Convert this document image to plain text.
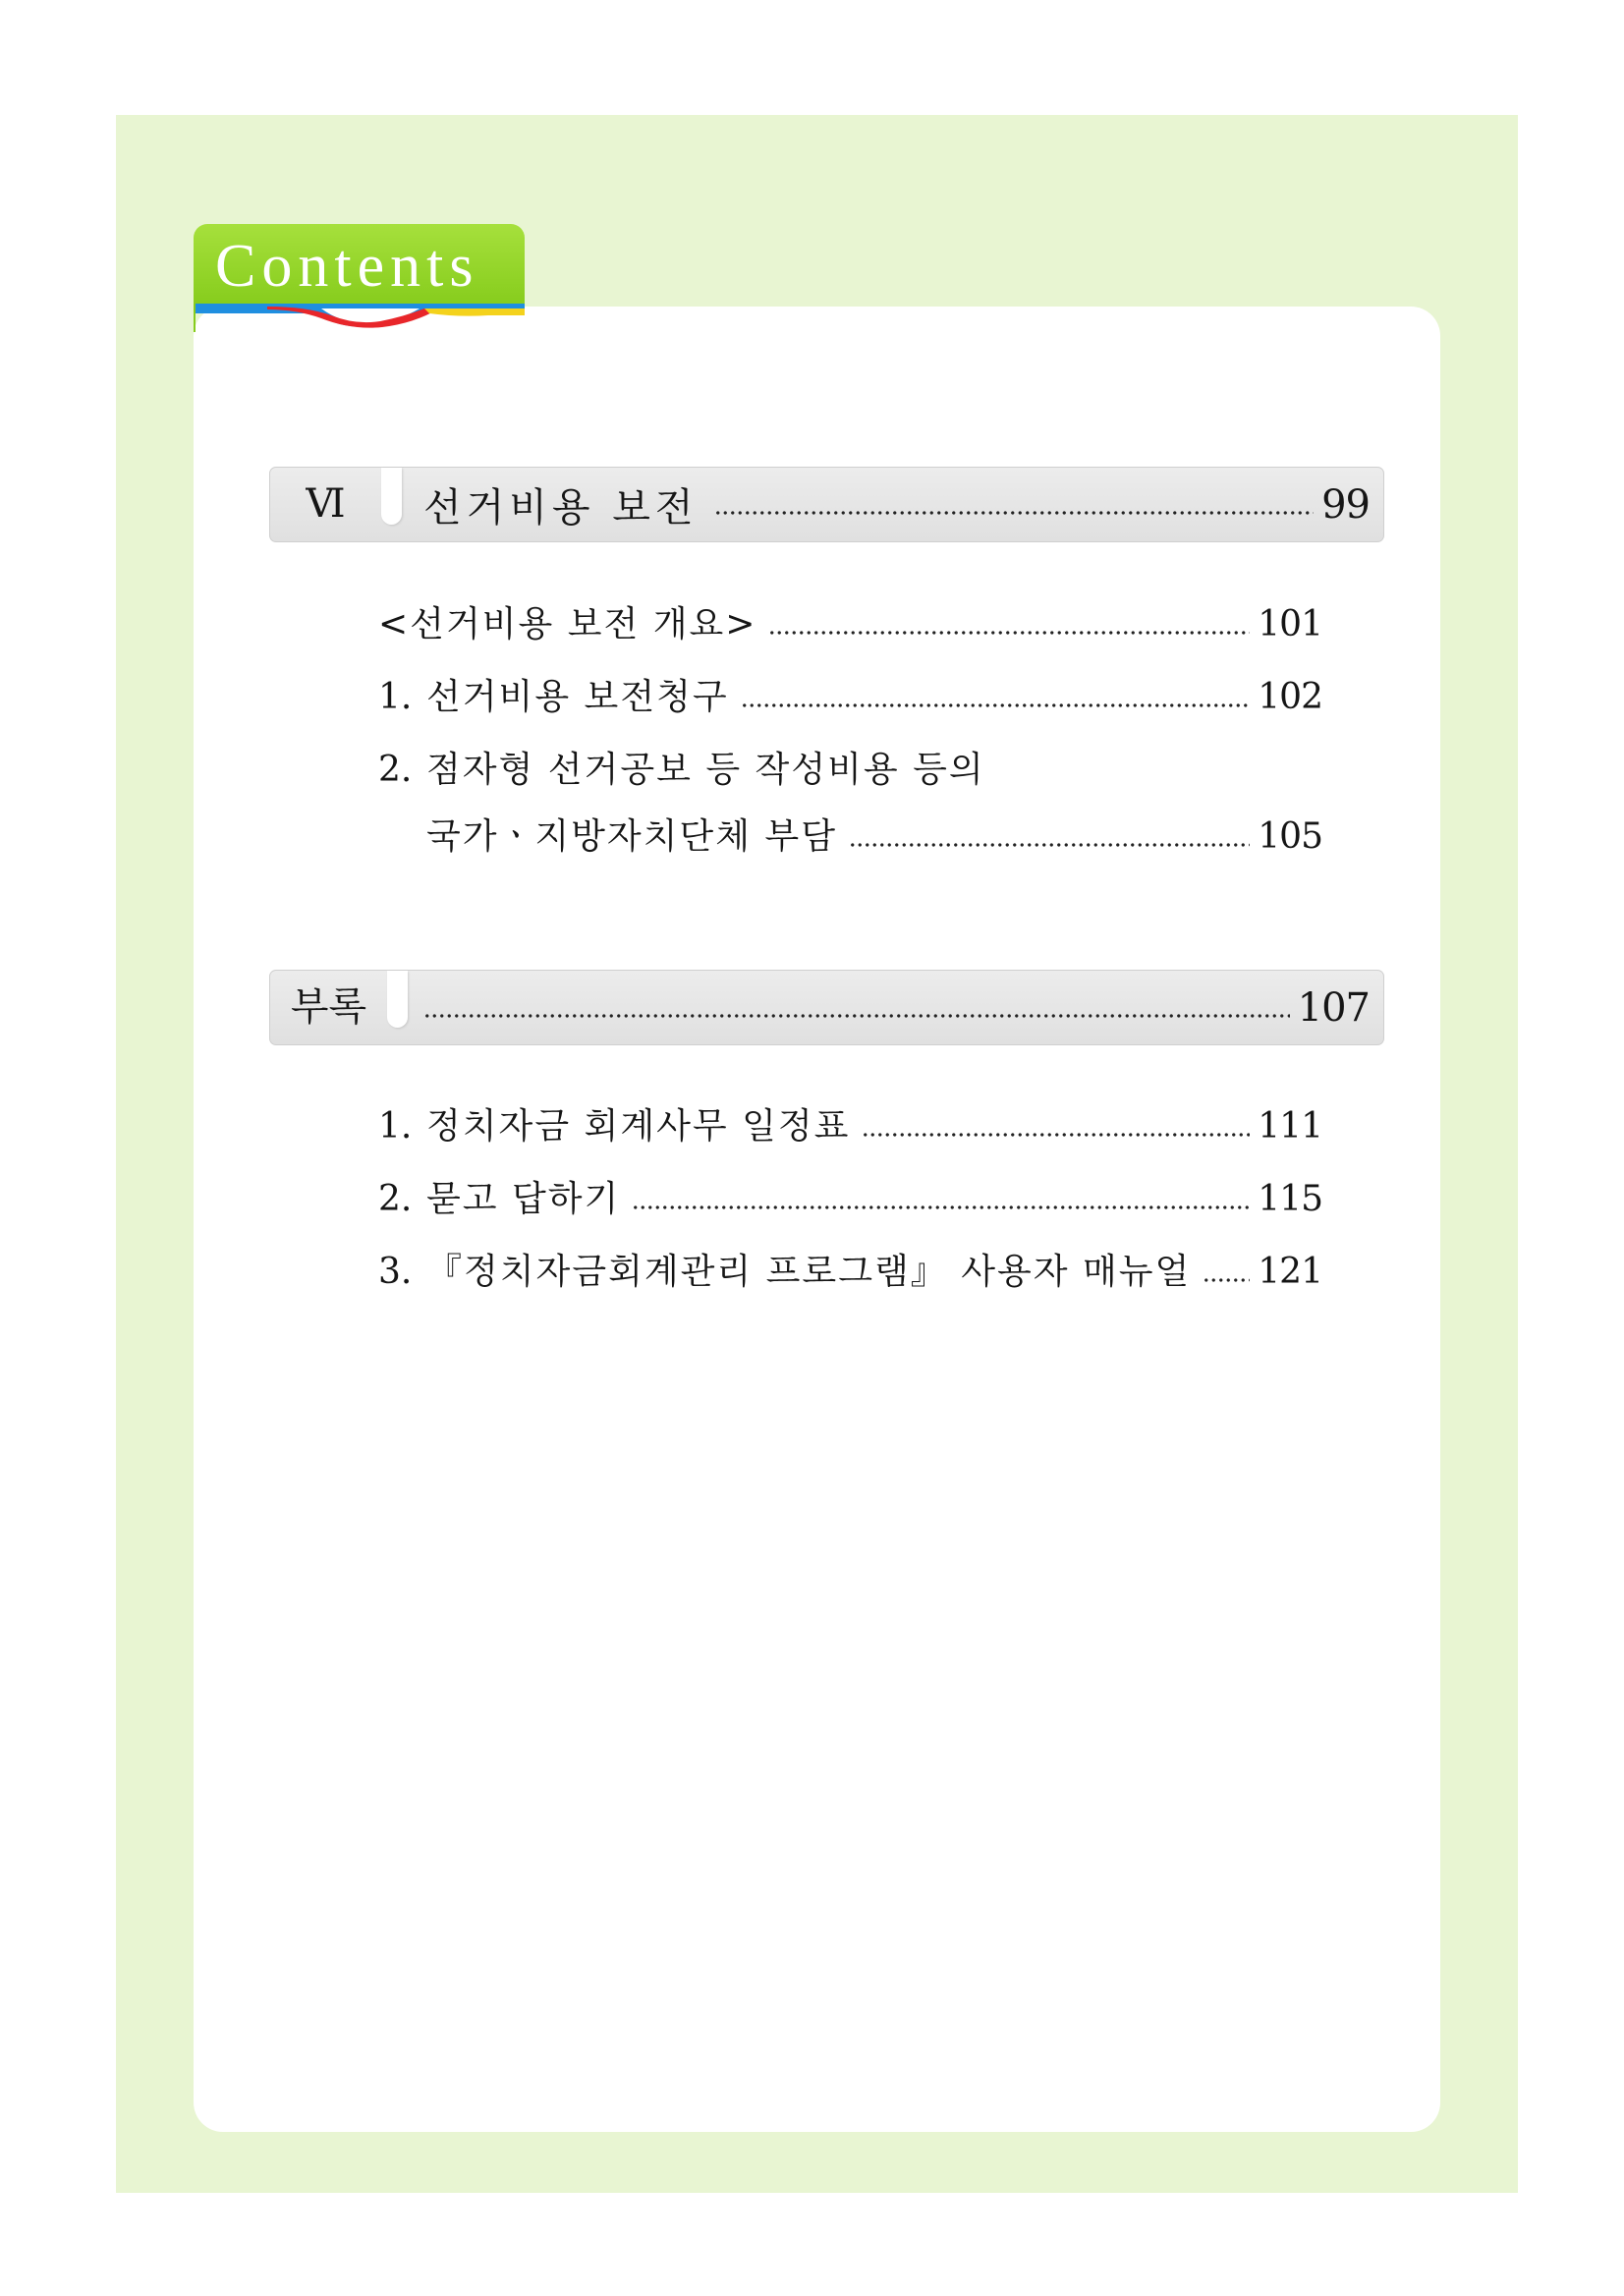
Contents
Ⅵ	선거비용 보전	99
<선거비용 보전 개요>	101
1. 선거비용 보전청구	102
2. 점자형 선거공보 등 작성비용 등의
국가ㆍ지방자치단체 부담	105
부록	107
1. 정치자금 회계사무 일정표	111
2. 묻고 답하기	115
3. 『정치자금회계관리 프로그램』 사용자 매뉴얼 121
